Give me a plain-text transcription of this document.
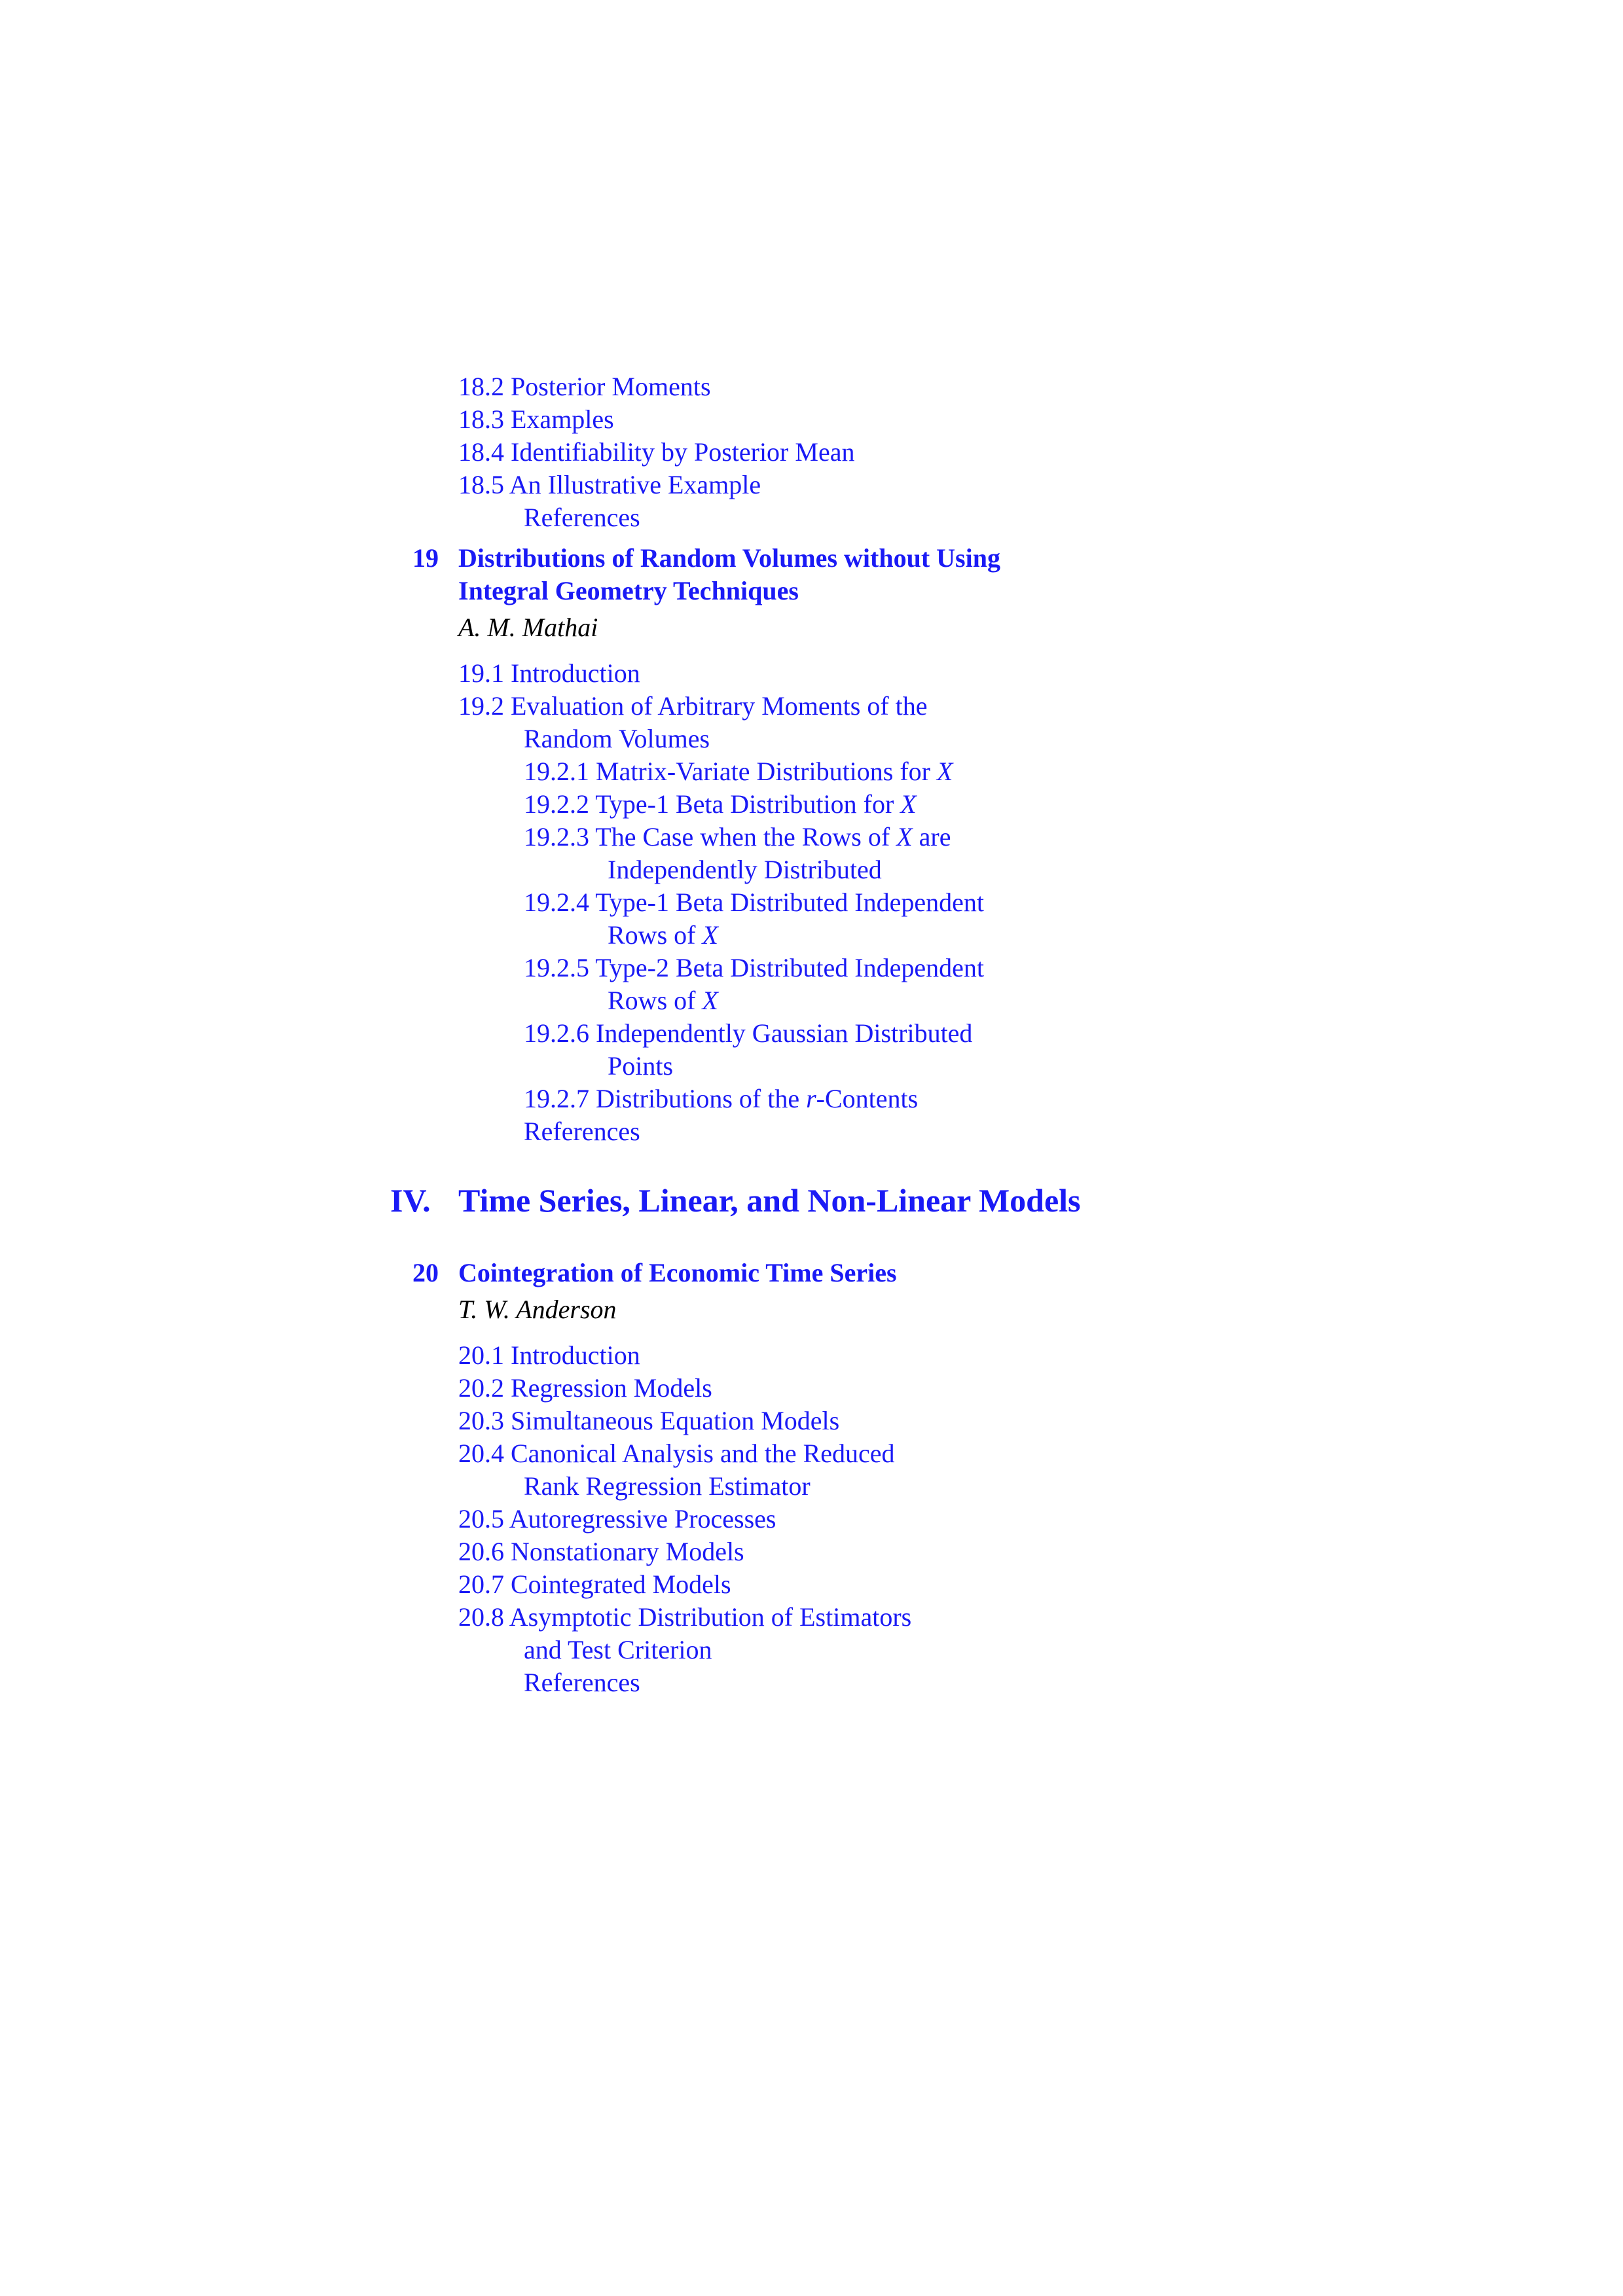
18.2 Posterior Moments
18.3 Examples
18.4 Identifiability by Posterior Mean
18.5 An Illustrative Example
References
19 Distributions of Random Volumes without Using
Integral Geometry Techniques
A. M. Mathai
19.1 Introduction
19.2 Evaluation of Arbitrary Moments of the
Random Volumes
19.2.1 Matrix-Variate Distributions for X
19.2.2 Type-1 Beta Distribution for X
19.2.3 The Case when the Rows of X are
Independently Distributed
19.2.4 Type-1 Beta Distributed Independent
Rows of X
19.2.5 Type-2 Beta Distributed Independent
Rows of X
19.2.6 Independently Gaussian Distributed
Points
19.2.7 Distributions of the r-Contents
References
IV. Time Series, Linear, and Non-Linear Models
20 Cointegration of Economic Time Series
T. W. Anderson
20.1 Introduction
20.2 Regression Models
20.3 Simultaneous Equation Models
20.4 Canonical Analysis and the Reduced
Rank Regression Estimator
20.5 Autoregressive Processes
20.6 Nonstationary Models
20.7 Cointegrated Models
20.8 Asymptotic Distribution of Estimators
and Test Criterion
References
